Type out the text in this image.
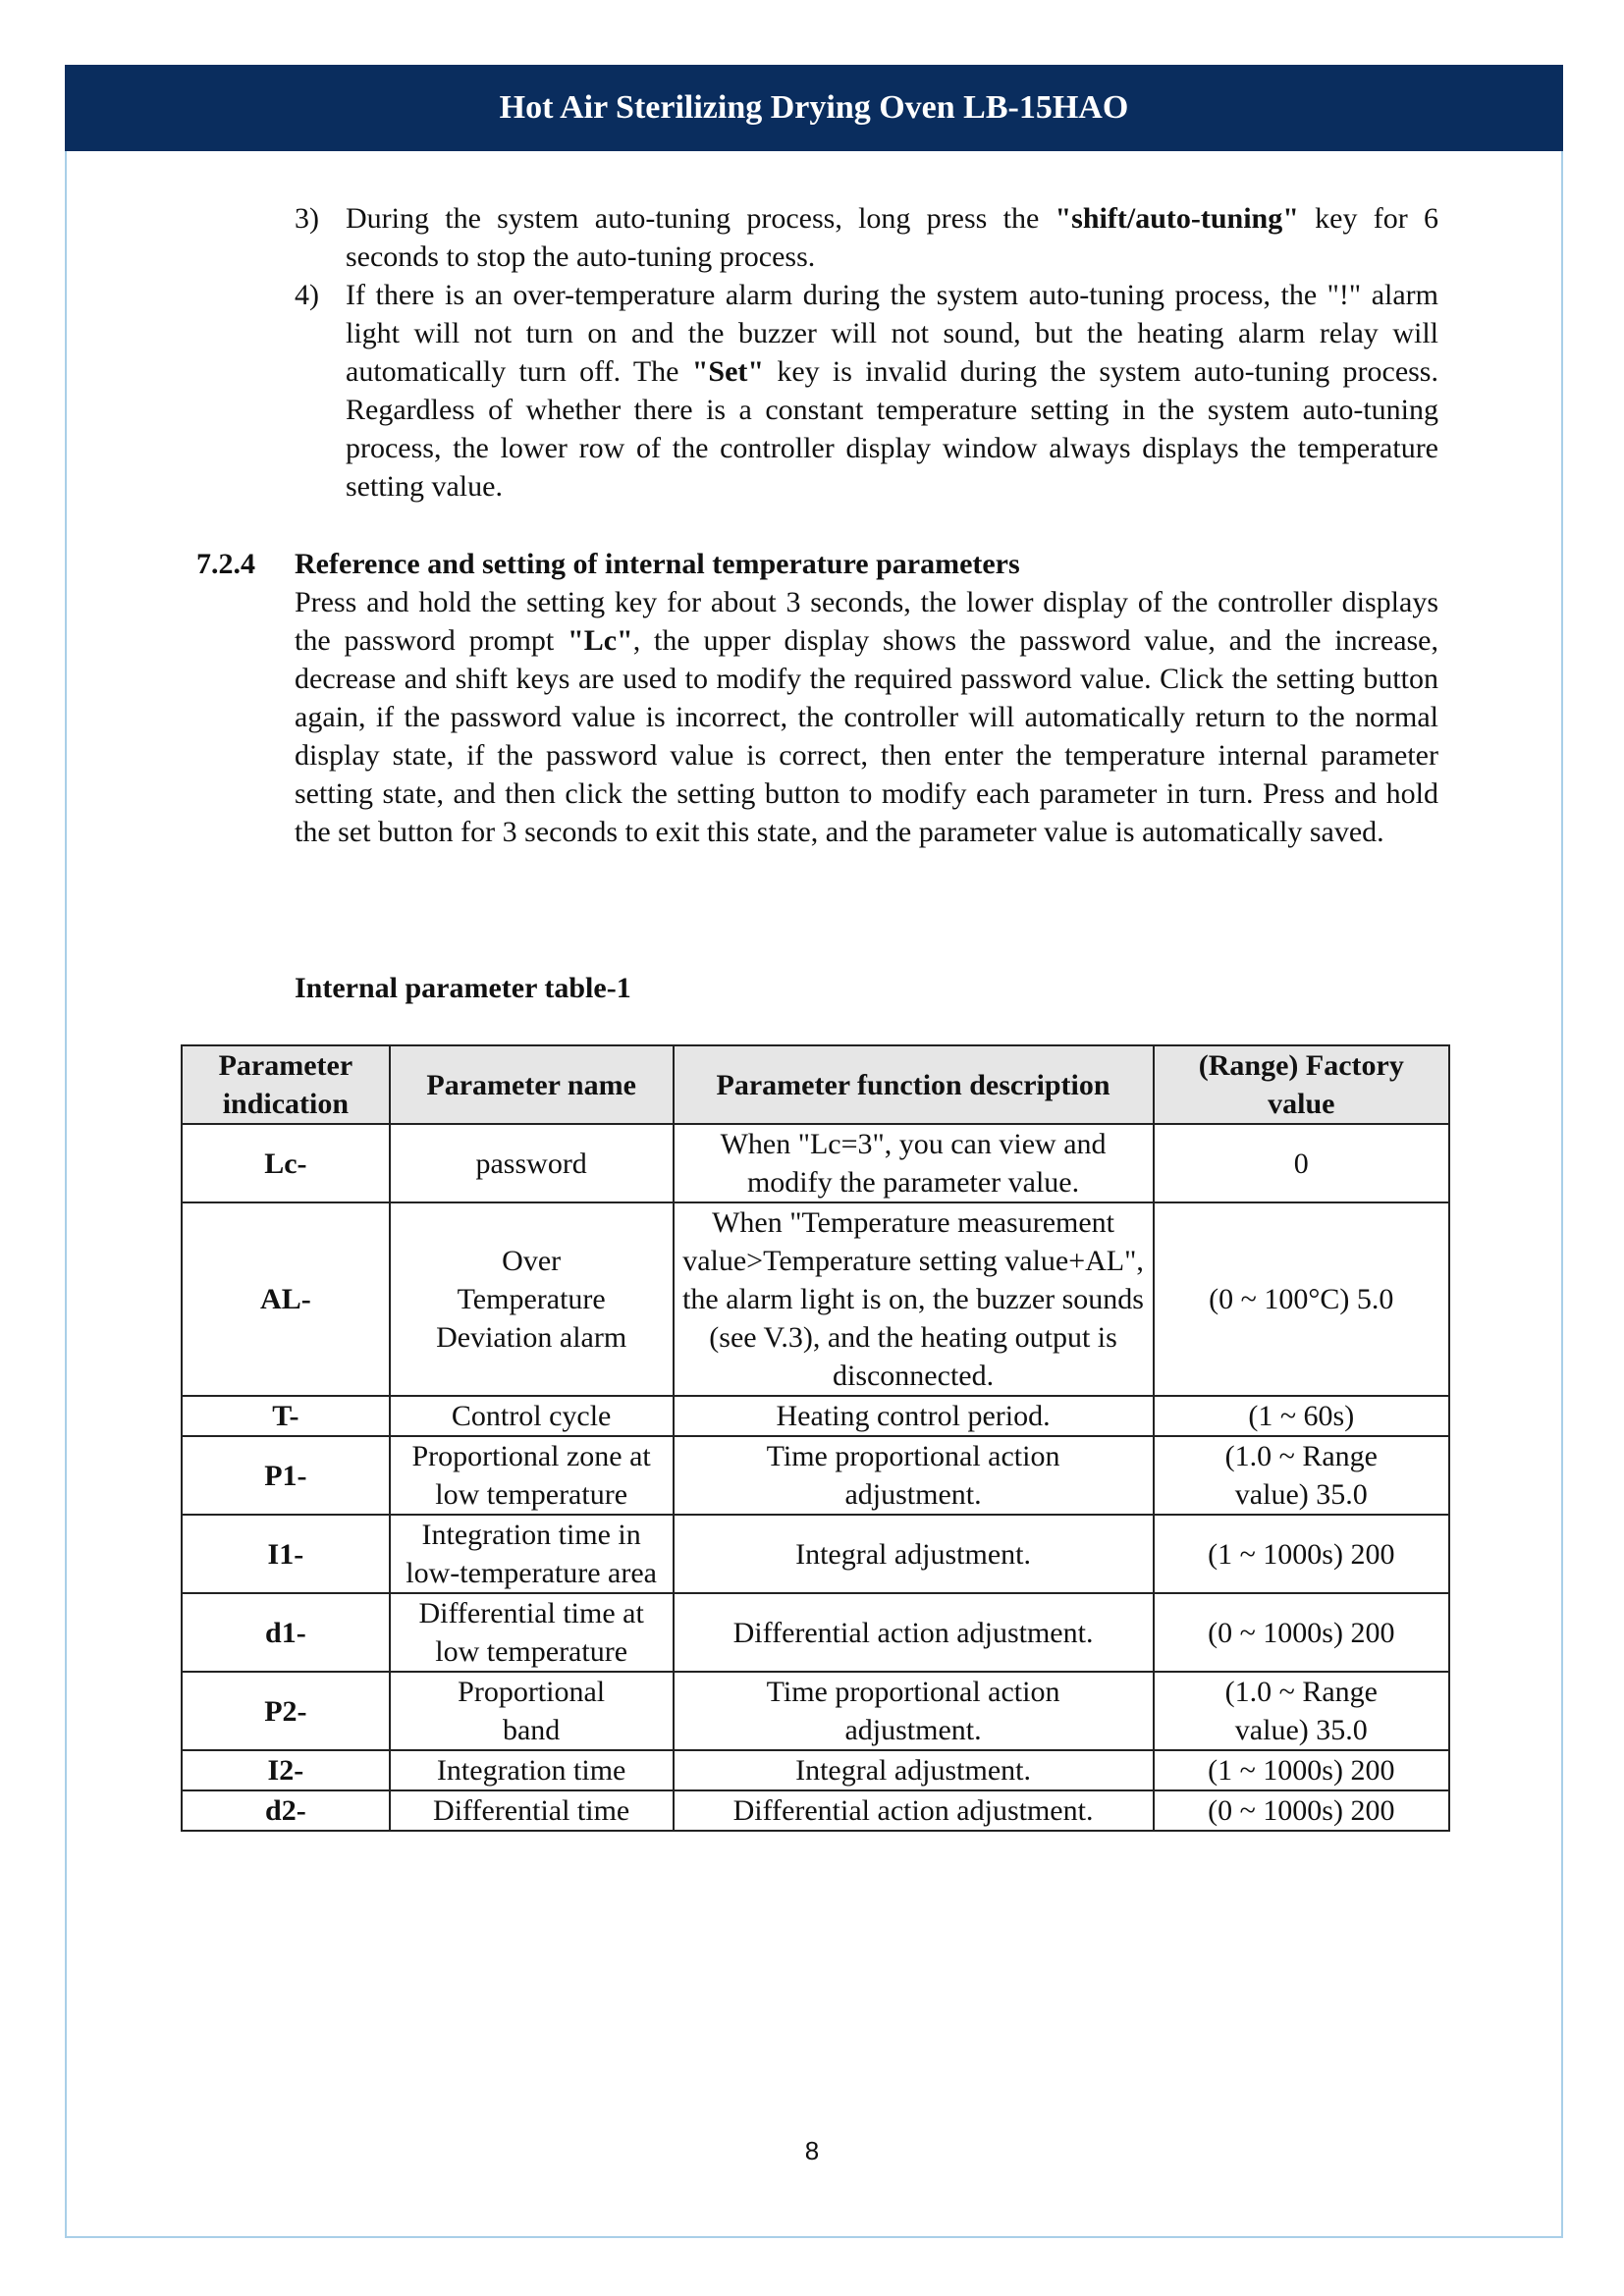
Hot Air Sterilizing Drying Oven LB-15HAO
3) During the system auto-tuning process, long press the "shift/auto-tuning" key for 6 seconds to stop the auto-tuning process.
4) If there is an over-temperature alarm during the system auto-tuning process, the "!" alarm light will not turn on and the buzzer will not sound, but the heating alarm relay will automatically turn off. The "Set" key is invalid during the system auto-tuning process. Regardless of whether there is a constant temperature setting in the system auto-tuning process, the lower row of the controller display window always displays the temperature setting value.
7.2.4 Reference and setting of internal temperature parameters
Press and hold the setting key for about 3 seconds, the lower display of the controller displays the password prompt "Lc", the upper display shows the password value, and the increase, decrease and shift keys are used to modify the required password value. Click the setting button again, if the password value is incorrect, the controller will automatically return to the normal display state, if the password value is correct, then enter the temperature internal parameter setting state, and then click the setting button to modify each parameter in turn. Press and hold the set button for 3 seconds to exit this state, and the parameter value is automatically saved.
Internal parameter table-1
Parameter indication	Parameter name	Parameter function description	(Range) Factory value
Lc-	password	When "Lc=3", you can view and modify the parameter value.	0
AL-	Over Temperature Deviation alarm	When "Temperature measurement value>Temperature setting value+AL", the alarm light is on, the buzzer sounds (see V.3), and the heating output is disconnected.	(0 ~ 100°C) 5.0
T-	Control cycle	Heating control period.	(1 ~ 60s)
P1-	Proportional zone at low temperature	Time proportional action adjustment.	(1.0 ~ Range value) 35.0
I1-	Integration time in low-temperature area	Integral adjustment.	(1 ~ 1000s) 200
d1-	Differential time at low temperature	Differential action adjustment.	(0 ~ 1000s) 200
P2-	Proportional band	Time proportional action adjustment.	(1.0 ~ Range value) 35.0
I2-	Integration time	Integral adjustment.	(1 ~ 1000s) 200
d2-	Differential time	Differential action adjustment.	(0 ~ 1000s) 200
8
